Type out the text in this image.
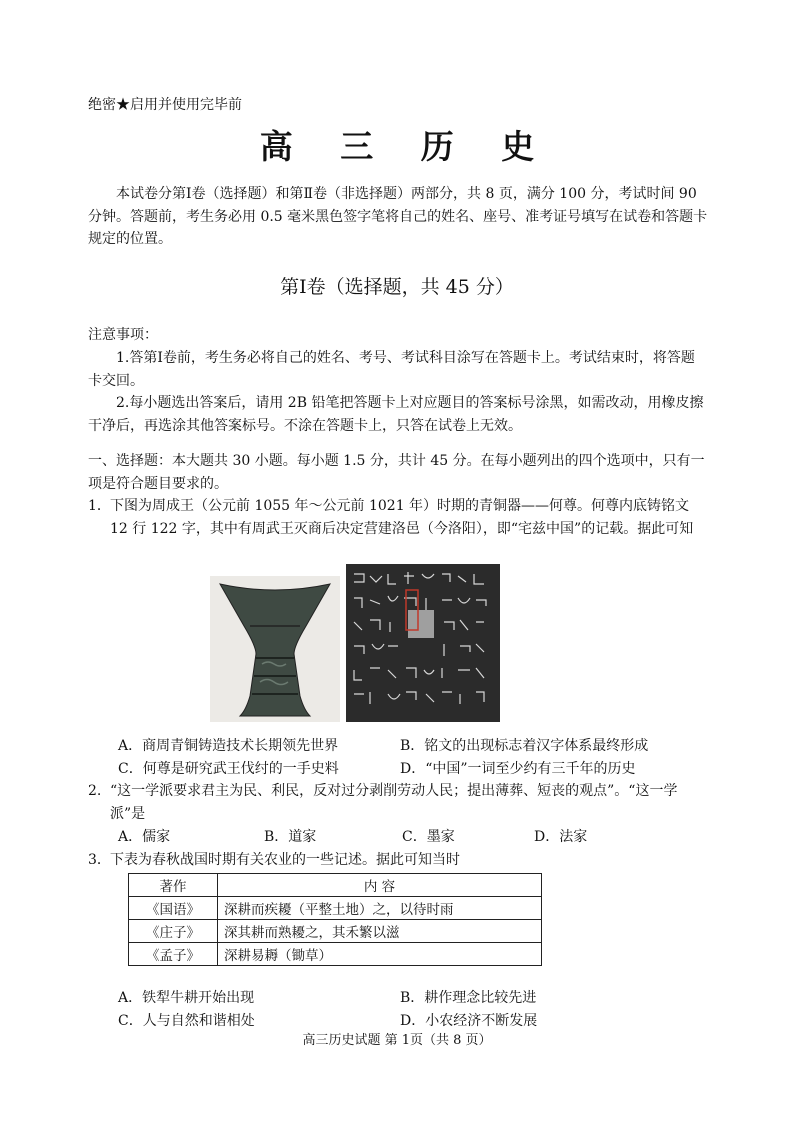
绝密★启用并使用完毕前
高 三 历 史
本试卷分第Ⅰ卷（选择题）和第Ⅱ卷（非选择题）两部分，共 8 页，满分 100 分，考试时间 90 分钟。答题前，考生务必用 0.5 毫米黑色签字笔将自己的姓名、座号、准考证号填写在试卷和答题卡规定的位置。
第Ⅰ卷（选择题，共 45 分）
注意事项：
1.答第Ⅰ卷前，考生务必将自己的姓名、考号、考试科目涂写在答题卡上。考试结束时，将答题卡交回。
2.每小题选出答案后，请用 2B 铅笔把答题卡上对应题目的答案标号涂黑，如需改动，用橡皮擦干净后，再选涂其他答案标号。不涂在答题卡上，只答在试卷上无效。
一、选择题：本大题共 30 小题。每小题 1.5 分，共计 45 分。在每小题列出的四个选项中，只有一项是符合题目要求的。
1． 下图为周成王（公元前 1055 年～公元前 1021 年）时期的青铜器——何尊。何尊内底铸铭文 12 行 122 字，其中有周武王灭商后决定营建洛邑（今洛阳），即“宅兹中国”的记载。据此可知
A．商周青铜铸造技术长期领先世界	B．铭文的出现标志着汉字体系最终形成
C．何尊是研究武王伐纣的一手史料	D．“中国”一词至少约有三千年的历史
2. “这一学派要求君主为民、利民，反对过分剥削劳动人民；提出薄葬、短丧的观点”。“这一学派”是
A．儒家	B．道家	C．墨家	D．法家
3． 下表为春秋战国时期有关农业的一些记述。据此可知当时
著作	内 容
《国语》	深耕而疾耰（平整土地）之，以待时雨
《庄子》	深其耕而熟耰之，其禾繁以滋
《孟子》	深耕易耨（锄草）
A．铁犁牛耕开始出现	B．耕作理念比较先进
C．人与自然和谐相处	D．小农经济不断发展
高三历史试题 第 1页（共 8 页）
